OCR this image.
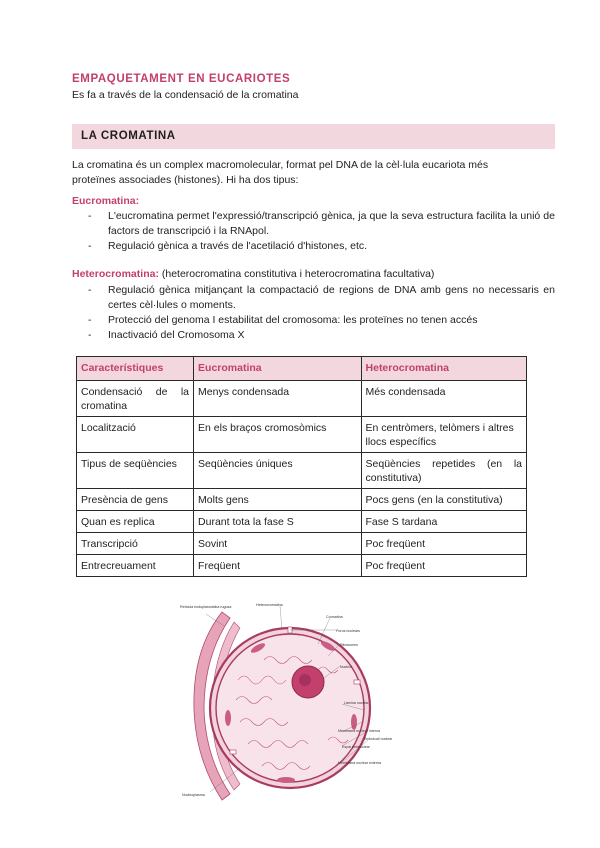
EMPAQUETAMENT EN EUCARIOTES
Es fa a través de la condensació de la cromatina
LA CROMATINA
La cromatina és un complex macromolecular, format pel DNA de la cèl·lula eucariota més
proteïnes associades (histones). Hi ha dos tipus:
Eucromatina:
- L'eucromatina permet l'expressió/transcripció gènica, ja que la seva estructura facilita la unió de factors de transcripció i la RNApol.
- Regulació gènica a través de l'acetilació d'histones, etc.
Heterocromatina: (heterocromatina constitutiva i heterocromatina facultativa)
- Regulació gènica mitjançant la compactació de regions de DNA amb gens no necessaris en certes cèl·lules o moments.
- Protecció del genoma I estabilitat del cromosoma: les proteïnes no tenen accés
- Inactivació del Cromosoma X
Característiques	Eucromatina	Heterocromatina
Condensació de la cromatina	Menys condensada	Més condensada
Localització	En els braços cromosòmics	En centròmers, telòmers i altres llocs específics
Tipus de seqüències	Seqüències úniques	Seqüències repetides (en la constitutiva)
Presència de gens	Molts gens	Pocs gens (en la constitutiva)
Quan es replica	Durant tota la fase S	Fase S tardana
Transcripció	Sovint	Poc freqüent
Entrecreuament	Freqüent	Poc freqüent
Retícula endoplasmàtica rugosa	Heterocromatina
Cromatina
Poros nuclears
Ribosomes
Nucleol
Làmina nuclear
Membrana nuclear interna
Embolcall nuclear
Espai perinuclear
Membrana nuclear externa
Nucleoplasma
